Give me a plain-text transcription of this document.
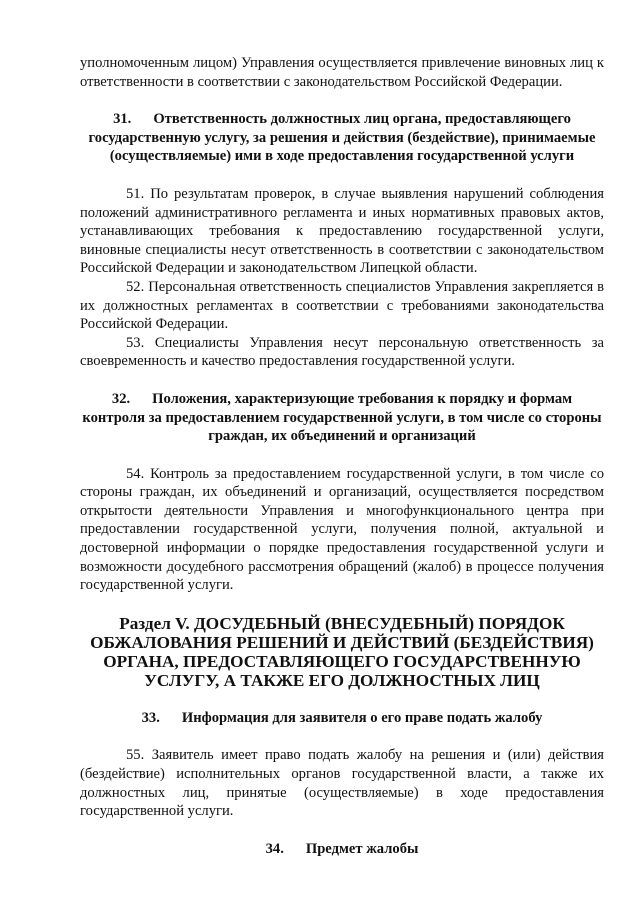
уполномоченным лицом) Управления осуществляется привлечение виновных лиц к ответственности в соответствии с законодательством Российской Федерации.

31. Ответственность должностных лиц органа, предоставляющего государственную услугу, за решения и действия (бездействие), принимаемые (осуществляемые) ими в ходе предоставления государственной услуги

51. По результатам проверок, в случае выявления нарушений соблюдения положений административного регламента и иных нормативных правовых актов, устанавливающих требования к предоставлению государственной услуги, виновные специалисты несут ответственность в соответствии с законодательством Российской Федерации и законодательством Липецкой области.

52. Персональная ответственность специалистов Управления закрепляется в их должностных регламентах в соответствии с требованиями законодательства Российской Федерации.

53. Специалисты Управления несут персональную ответственность за своевременность и качество предоставления государственной услуги.

32. Положения, характеризующие требования к порядку и формам контроля за предоставлением государственной услуги, в том числе со стороны граждан, их объединений и организаций

54. Контроль за предоставлением государственной услуги, в том числе со стороны граждан, их объединений и организаций, осуществляется посредством открытости деятельности Управления и многофункционального центра при предоставлении государственной услуги, получения полной, актуальной и достоверной информации о порядке предоставления государственной услуги и возможности досудебного рассмотрения обращений (жалоб) в процессе получения государственной услуги.

Раздел V. ДОСУДЕБНЫЙ (ВНЕСУДЕБНЫЙ) ПОРЯДОК ОБЖАЛОВАНИЯ РЕШЕНИЙ И ДЕЙСТВИЙ (БЕЗДЕЙСТВИЯ) ОРГАНА, ПРЕДОСТАВЛЯЮЩЕГО ГОСУДАРСТВЕННУЮ УСЛУГУ, А ТАКЖЕ ЕГО ДОЛЖНОСТНЫХ ЛИЦ
33. Информация для заявителя о его праве подать жалобу

55. Заявитель имеет право подать жалобу на решения и (или) действия (бездействие) исполнительных органов государственной власти, а также их должностных лиц, принятые (осуществляемые) в ходе предоставления государственной услуги.

34. Предмет жалобы
